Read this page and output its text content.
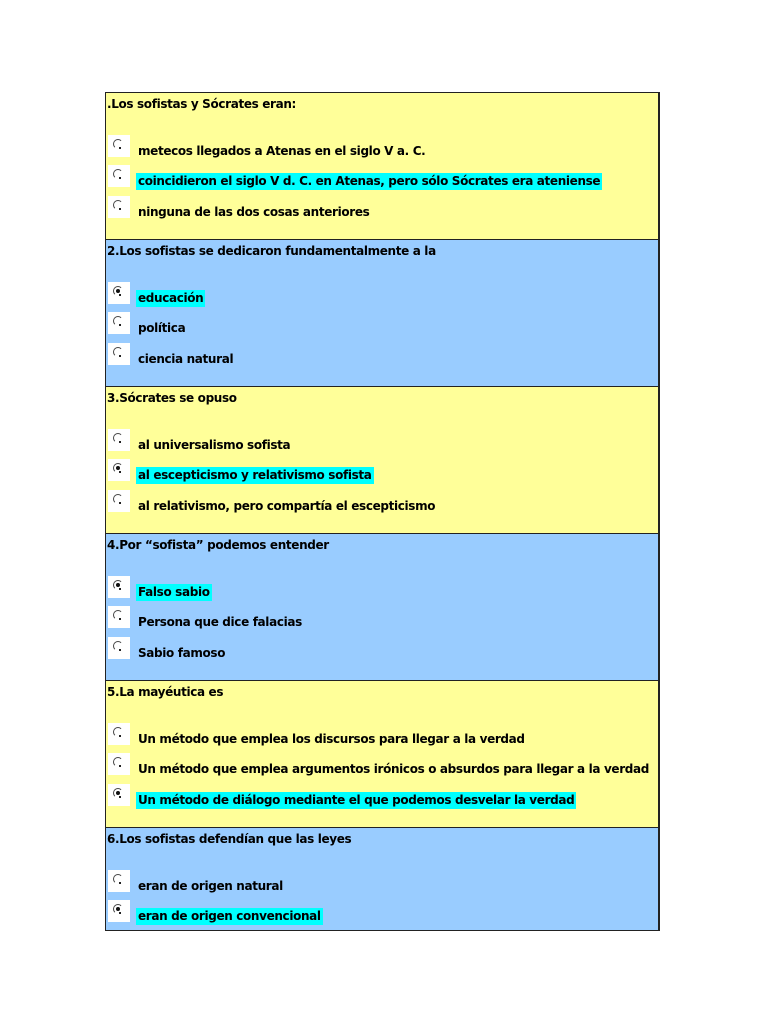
.Los sofistas y Sócrates eran:
metecos llegados a Atenas en el siglo V a. C.
coincidieron el siglo V d. C. en Atenas, pero sólo Sócrates era ateniense
ninguna de las dos cosas anteriores
2.Los sofistas se dedicaron fundamentalmente a la
educación
política
ciencia natural
3.Sócrates se opuso
al universalismo sofista
al escepticismo y relativismo sofista
al relativismo, pero compartía el escepticismo
4.Por “sofista” podemos entender
Falso sabio
Persona que dice falacias
Sabio famoso
5.La mayéutica es
Un método que emplea los discursos para llegar a la verdad
Un método que emplea argumentos irónicos o absurdos para llegar a la verdad
Un método de diálogo mediante el que podemos desvelar la verdad
6.Los sofistas defendían que las leyes
eran de origen natural
eran de origen convencional
